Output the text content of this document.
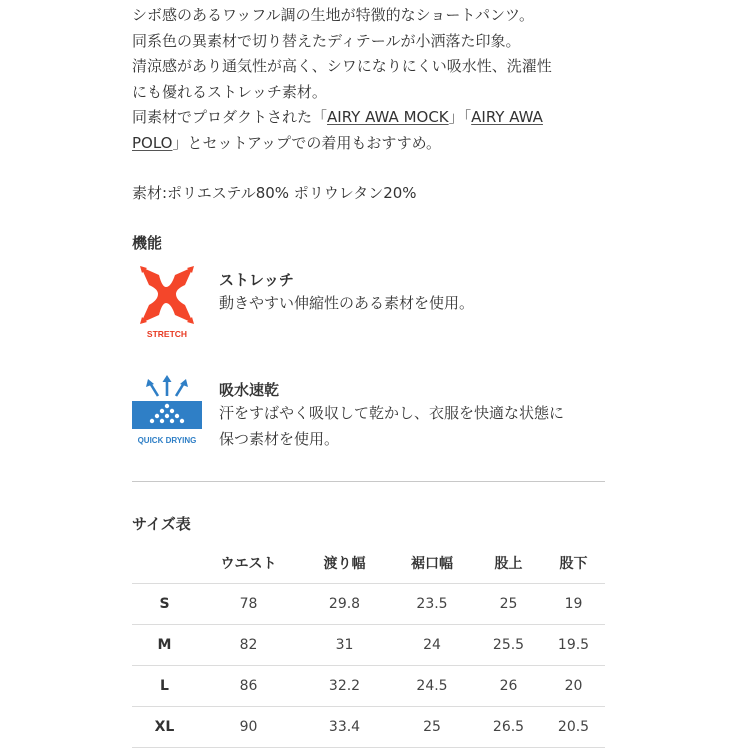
シボ感のあるワッフル調の生地が特徴的なショートパンツ。

同系色の異素材で切り替えたディテールが小洒落た印象。

清涼感があり通気性が高く、シワになりにくい吸水性、洗濯性

にも優れるストレッチ素材。

同素材でプロダクトされた「AIRY AWA MOCK」「AIRY AWA

POLO」とセットアップでの着用もおすすめ。

素材:ポリエステル80% ポリウレタン20%
機能
STRETCH
ストレッチ

動きやすい伸縮性のある素材を使用。

QUICK DRYING
吸水速乾

汗をすばやく吸収して乾かし、衣服を快適な状態に

保つ素材を使用。

サイズ表
	ウエスト	渡り幅	裾口幅	股上	股下
S	78	29.8	23.5	25	19
M	82	31	24	25.5	19.5
L	86	32.2	24.5	26	20
XL	90	33.4	25	26.5	20.5
